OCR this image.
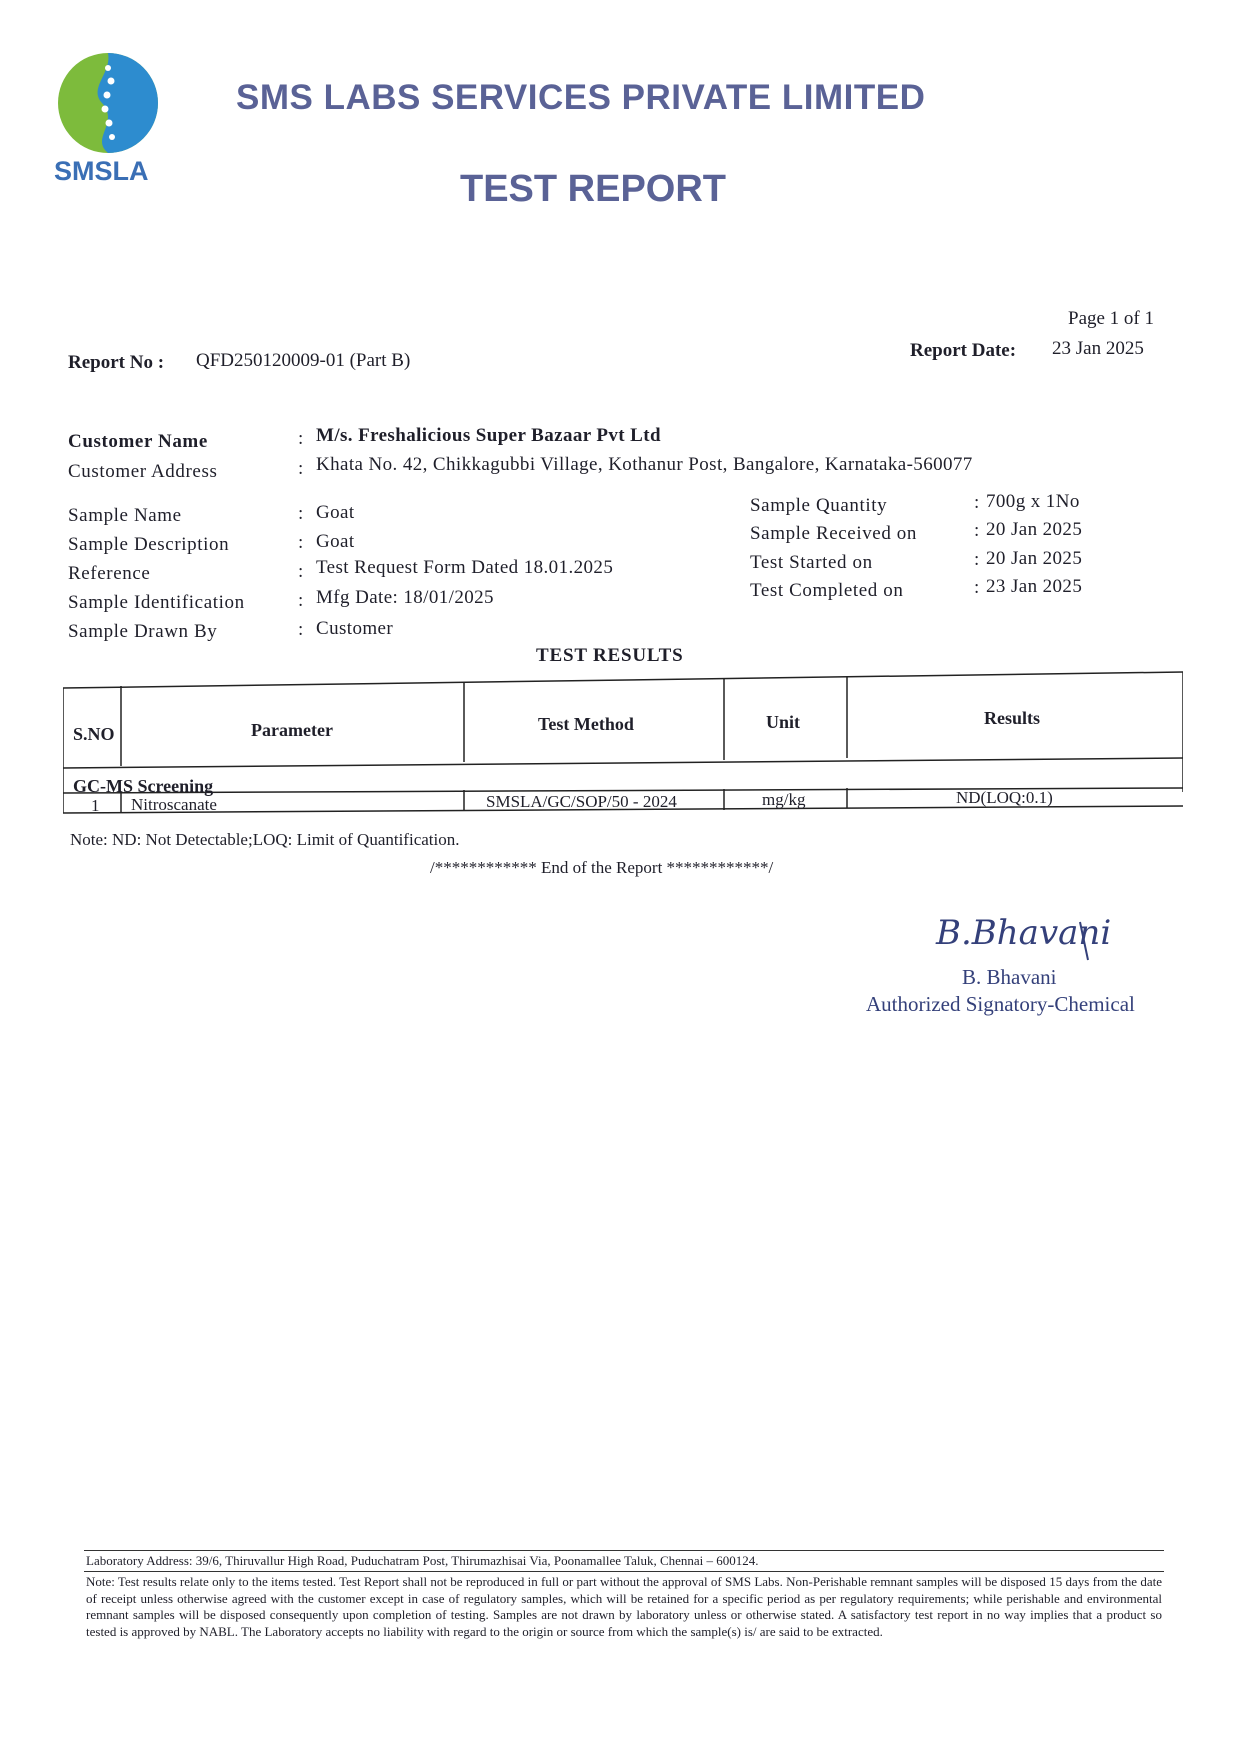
SMSLA
SMS LABS SERVICES PRIVATE LIMITED
TEST REPORT
Page 1 of 1
Report No : QFD250120009-01 (Part B)	Report Date: 23 Jan 2025
Customer Name	: M/s. Freshalicious Super Bazaar Pvt Ltd
Customer Address	: Khata No. 42, Chikkagubbi Village, Kothanur Post, Bangalore, Karnataka-560077
Sample Name	: Goat
Sample Description	: Goat
Reference	: Test Request Form Dated 18.01.2025
Sample Identification	: Mfg Date: 18/01/2025
Sample Drawn By	: Customer
Sample Quantity	: 700g x 1No
Sample Received on	: 20 Jan 2025
Test Started on	: 20 Jan 2025
Test Completed on	: 23 Jan 2025
TEST RESULTS
S.NO	Parameter	Test Method	Unit	Results
GC-MS Screening
1 Nitroscanate	SMSLA/GC/SOP/50 - 2024	mg/kg	ND(LOQ:0.1)
Note: ND: Not Detectable;LOQ: Limit of Quantification.
/************ End of the Report ************/
B.Bhavani
B. Bhavani
Authorized Signatory-Chemical
Laboratory Address: 39/6, Thiruvallur High Road, Puduchatram Post, Thirumazhisai Via, Poonamallee Taluk, Chennai – 600124.
Note: Test results relate only to the items tested. Test Report shall not be reproduced in full or part without the approval of SMS Labs. Non-Perishable remnant samples will be disposed 15 days from the date of receipt unless otherwise agreed with the customer except in case of regulatory samples, which will be retained for a specific period as per regulatory requirements; while perishable and environmental remnant samples will be disposed consequently upon completion of testing. Samples are not drawn by laboratory unless or otherwise stated. A satisfactory test report in no way implies that a product so tested is approved by NABL. The Laboratory accepts no liability with regard to the origin or source from which the sample(s) is/ are said to be extracted.
